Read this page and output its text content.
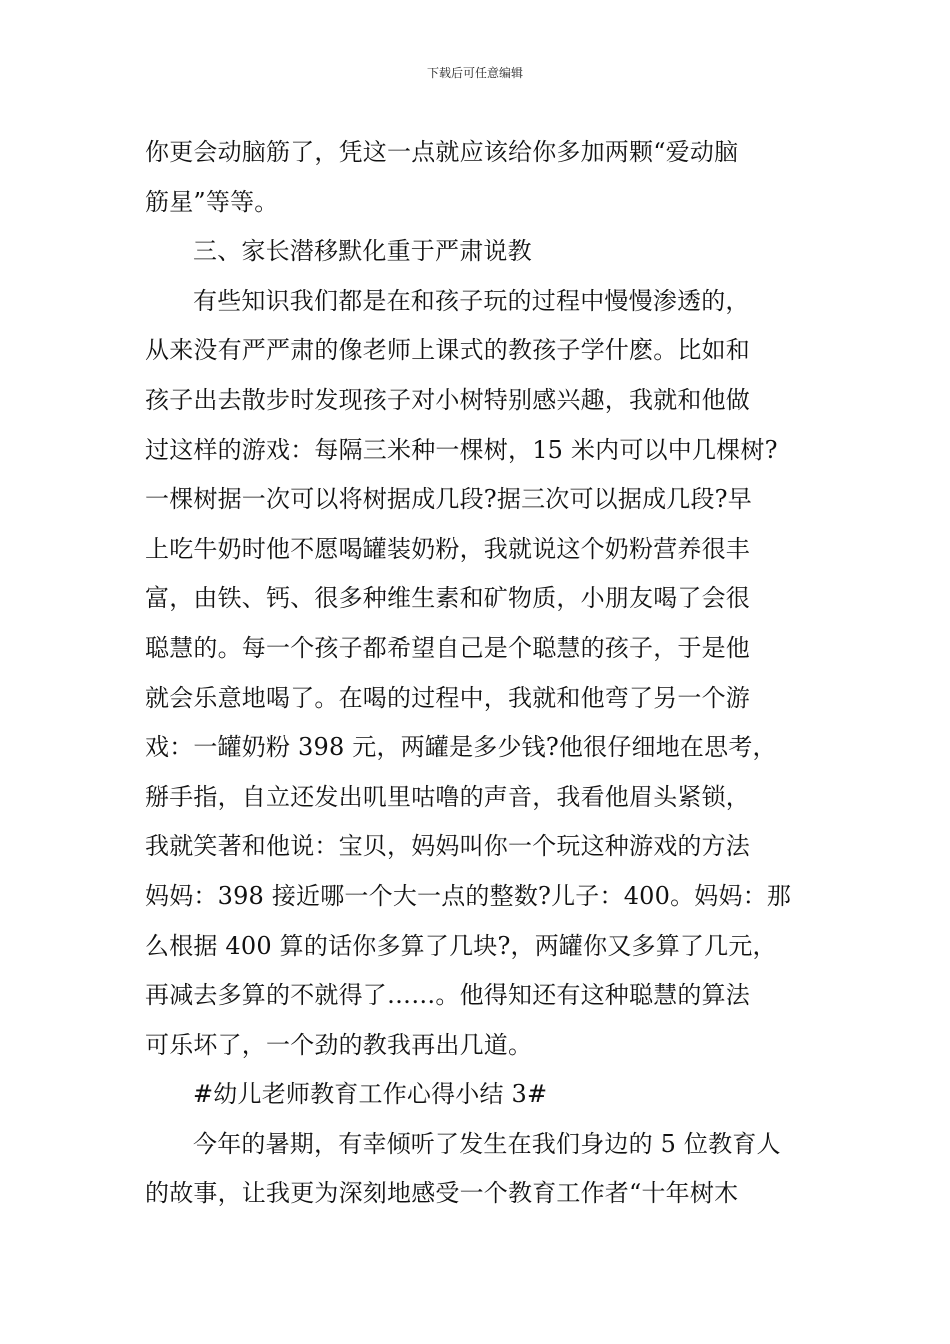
下载后可任意编辑
你更会动脑筋了，凭这一点就应该给你多加两颗“爱动脑
筋星”等等。
三、家长潜移默化重于严肃说教
有些知识我们都是在和孩子玩的过程中慢慢渗透的，
从来没有严严肃的像老师上课式的教孩子学什麽。比如和
孩子出去散步时发现孩子对小树特别感兴趣，我就和他做
过这样的游戏：每隔三米种一棵树，15 米内可以中几棵树?
一棵树据一次可以将树据成几段?据三次可以据成几段?早
上吃牛奶时他不愿喝罐装奶粉，我就说这个奶粉营养很丰
富，由铁、钙、很多种维生素和矿物质，小朋友喝了会很
聪慧的。每一个孩子都希望自己是个聪慧的孩子，于是他
就会乐意地喝了。在喝的过程中，我就和他弯了另一个游
戏：一罐奶粉 398 元，两罐是多少钱?他很仔细地在思考，
掰手指，自立还发出叽里咕噜的声音，我看他眉头紧锁，
我就笑著和他说：宝贝，妈妈叫你一个玩这种游戏的方法
妈妈：398 接近哪一个大一点的整数?儿子：400。妈妈：那
么根据 400 算的话你多算了几块?，两罐你又多算了几元，
再减去多算的不就得了……。他得知还有这种聪慧的算法
可乐坏了，一个劲的教我再出几道。
#幼儿老师教育工作心得小结 3#
今年的暑期，有幸倾听了发生在我们身边的 5 位教育人
的故事，让我更为深刻地感受一个教育工作者“十年树木
